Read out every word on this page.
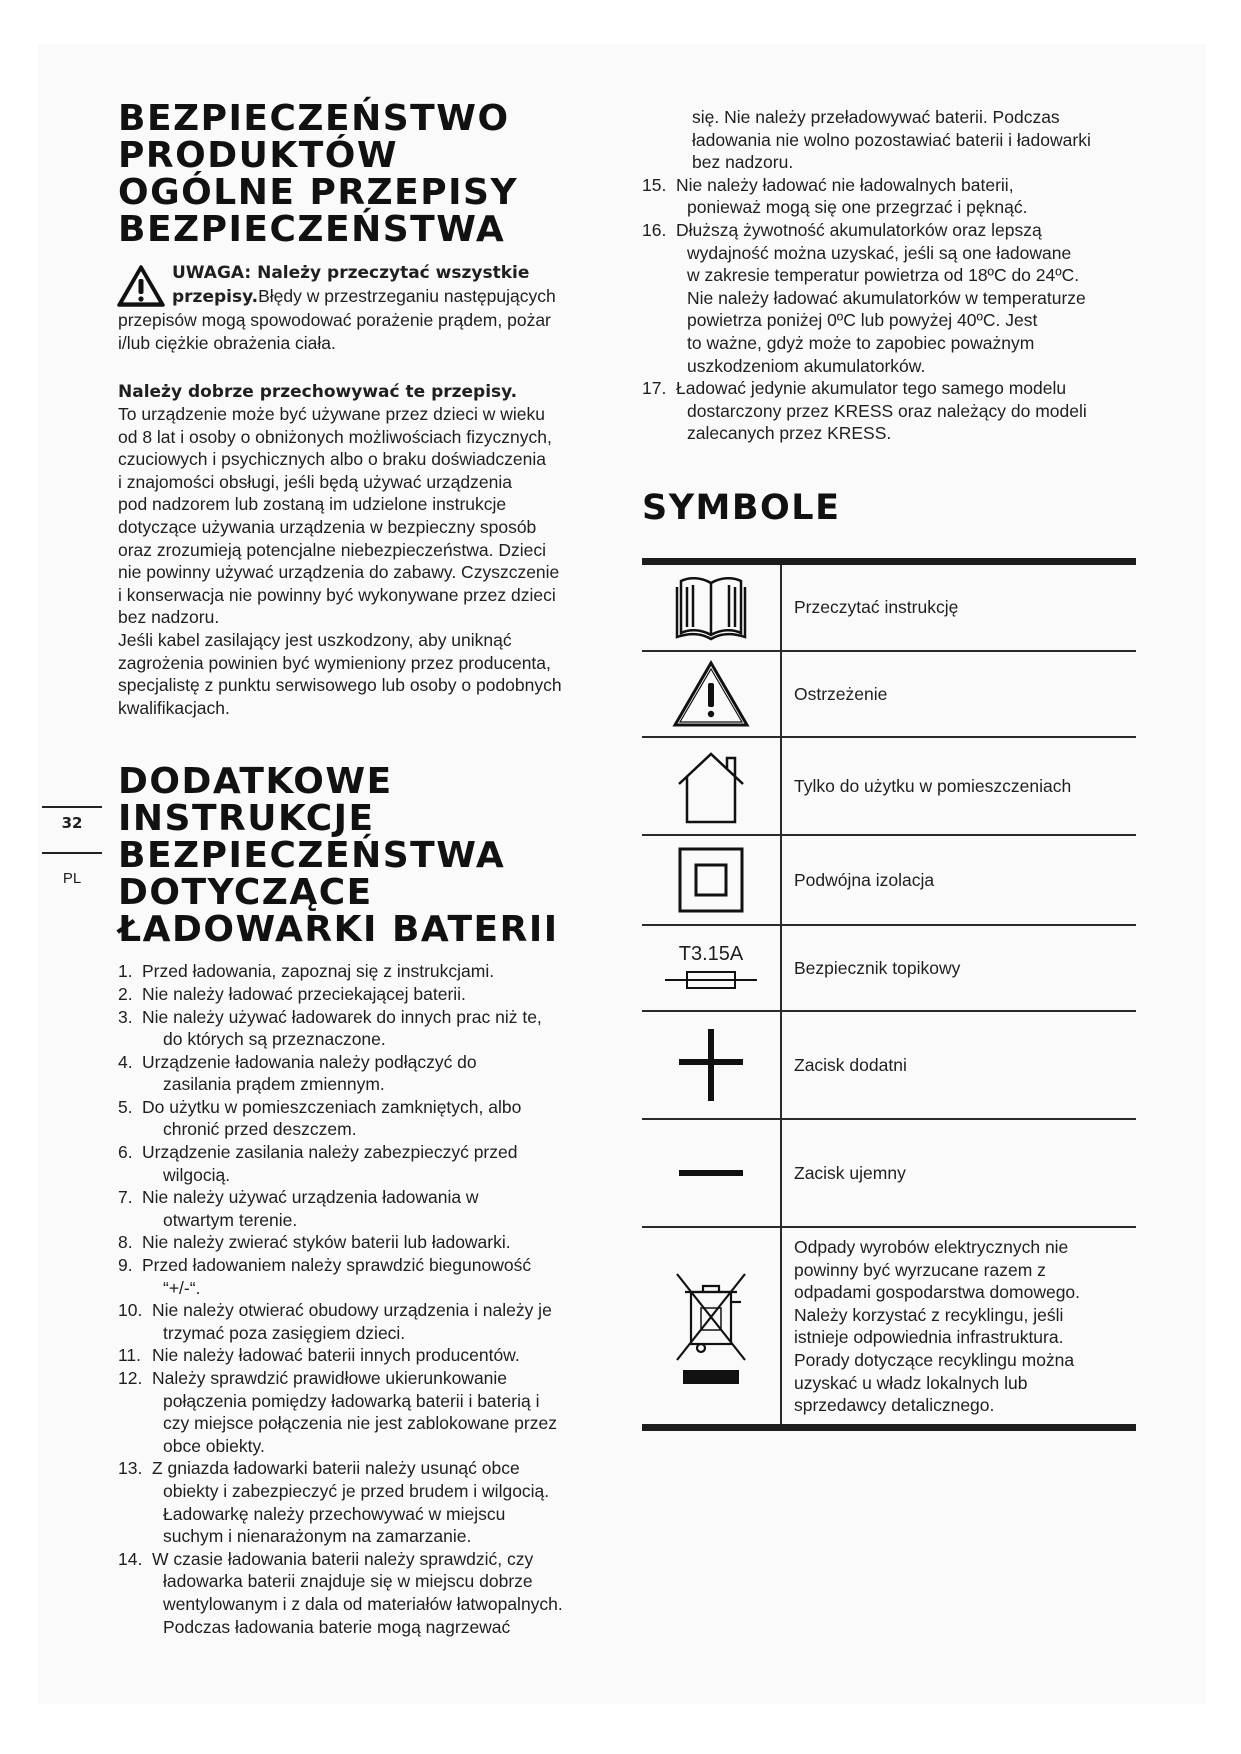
BEZPIECZEŃSTWO
PRODUKTÓW
OGÓLNE PRZEPISY
BEZPIECZEŃSTWA
UWAGA: Należy przeczytać wszystkie
przepisy.Błędy w przestrzeganiu następujących
przepisów mogą spowodować porażenie prądem, pożar
i/lub ciężkie obrażenia ciała.
Należy dobrze przechowywać te przepisy.
To urządzenie może być używane przez dzieci w wieku
od 8 lat i osoby o obniżonych możliwościach fizycznych,
czuciowych i psychicznych albo o braku doświadczenia
i znajomości obsługi, jeśli będą używać urządzenia
pod nadzorem lub zostaną im udzielone instrukcje
dotyczące używania urządzenia w bezpieczny sposób
oraz zrozumieją potencjalne niebezpieczeństwa. Dzieci
nie powinny używać urządzenia do zabawy. Czyszczenie
i konserwacja nie powinny być wykonywane przez dzieci
bez nadzoru.
Jeśli kabel zasilający jest uszkodzony, aby uniknąć
zagrożenia powinien być wymieniony przez producenta,
specjalistę z punktu serwisowego lub osoby o podobnych
kwalifikacjach.
DODATKOWE
INSTRUKCJE
BEZPIECZEŃSTWA
DOTYCZĄCE
ŁADOWARKI BATERII
1. Przed ładowania, zapoznaj się z instrukcjami.
2. Nie należy ładować przeciekającej baterii.
3. Nie należy używać ładowarek do innych prac niż te,
do których są przeznaczone.
4. Urządzenie ładowania należy podłączyć do
zasilania prądem zmiennym.
5. Do użytku w pomieszczeniach zamkniętych, albo
chronić przed deszczem.
6. Urządzenie zasilania należy zabezpieczyć przed
wilgocią.
7. Nie należy używać urządzenia ładowania w
otwartym terenie.
8. Nie należy zwierać styków baterii lub ładowarki.
9. Przed ładowaniem należy sprawdzić biegunowość
“+/-“.
10. Nie należy otwierać obudowy urządzenia i należy je
trzymać poza zasięgiem dzieci.
11. Nie należy ładować baterii innych producentów.
12. Należy sprawdzić prawidłowe ukierunkowanie
połączenia pomiędzy ładowarką baterii i baterią i
czy miejsce połączenia nie jest zablokowane przez
obce obiekty.
13. Z gniazda ładowarki baterii należy usunąć obce
obiekty i zabezpieczyć je przed brudem i wilgocią.
Ładowarkę należy przechowywać w miejscu
suchym i nienarażonym na zamarzanie.
14. W czasie ładowania baterii należy sprawdzić, czy
ładowarka baterii znajduje się w miejscu dobrze
wentylowanym i z dala od materiałów łatwopalnych.
Podczas ładowania baterie mogą nagrzewać
32
PL
się. Nie należy przeładowywać baterii. Podczas
ładowania nie wolno pozostawiać baterii i ładowarki
bez nadzoru.
15. Nie należy ładować nie ładowalnych baterii,
ponieważ mogą się one przegrzać i pęknąć.
16. Dłuższą żywotność akumulatorków oraz lepszą
wydajność można uzyskać, jeśli są one ładowane
w zakresie temperatur powietrza od 18ºC do 24ºC.
Nie należy ładować akumulatorków w temperaturze
powietrza poniżej 0ºC lub powyżej 40ºC. Jest
to ważne, gdyż może to zapobiec poważnym
uszkodzeniom akumulatorków.
17. Ładować jedynie akumulator tego samego modelu
dostarczony przez KRESS oraz należący do modeli
zalecanych przez KRESS.
SYMBOLE
Przeczytać instrukcję
Ostrzeżenie
Tylko do użytku w pomieszczeniach
Podwójna izolacja
T3.15A
Bezpiecznik topikowy
Zacisk dodatni
Zacisk ujemny
Odpady wyrobów elektrycznych nie
powinny być wyrzucane razem z
odpadami gospodarstwa domowego.
Należy korzystać z recyklingu, jeśli
istnieje odpowiednia infrastruktura.
Porady dotyczące recyklingu można
uzyskać u władz lokalnych lub
sprzedawcy detalicznego.
